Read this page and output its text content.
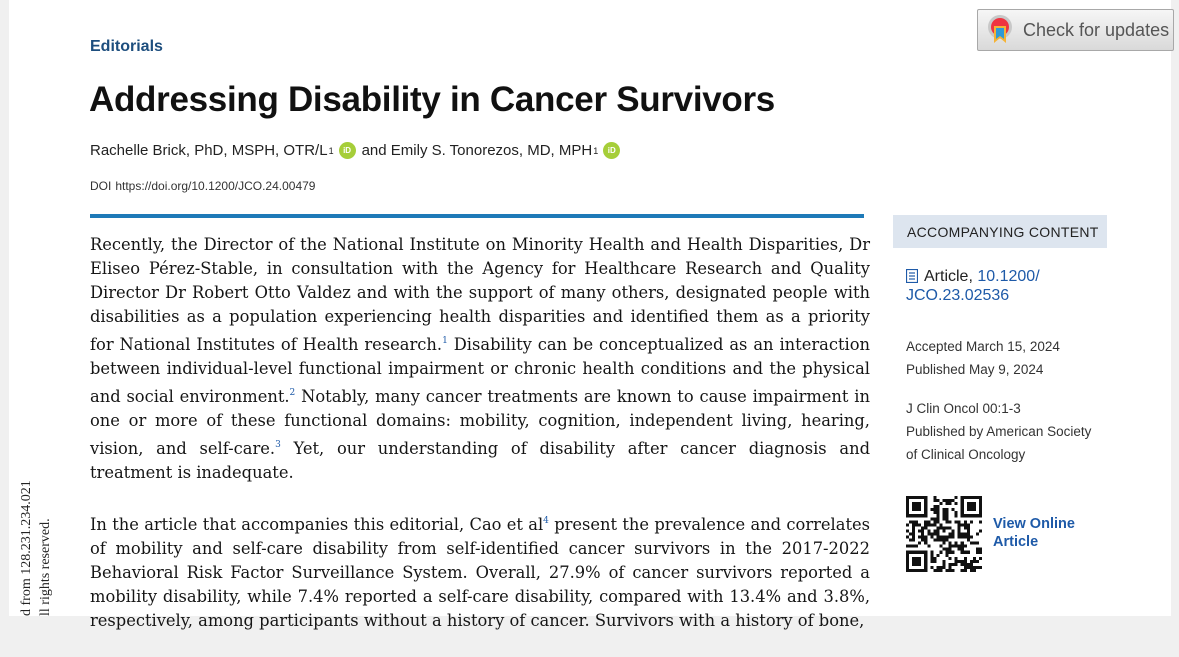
d from 128.231.234.021 ll rights reserved.
Editorials
Addressing Disability in Cancer Survivors
Rachelle Brick, PhD, MSPH, OTR/L 1	iD and
Emily S. Tonorezos, MD, MPH 1	iD
DOI https://doi.org/10.1200/JCO.24.00479

Recently, the Director of the National Institute on Minority Health and Health Disparities, Dr Eliseo Pérez-Stable, in consultation with the Agency for Healthcare Research and Quality Director Dr Robert Otto Valdez and with the support of many others, designated people with disabilities as a population experiencing health disparities and identified them as a priority for National Institutes of Health research.$^1$ Disability can be conceptualized as an interaction between individual-level functional impairment or chronic health conditions and the physical and social environment.$^2$ Notably, many cancer treatments are known to cause impairment in one or more of these functional domains: mobility, cognition, independent living, hearing, vision, and self-care.$^3$ Yet, our understanding of disability after cancer diagnosis and treatment is inadequate.

In the article that accompanies this editorial, Cao et al$^4$ present the prevalence and correlates of mobility and self-care disability from self-identified cancer survivors in the 2017-2022 Behavioral Risk Factor Surveillance System. Overall, 27.9% of cancer survivors reported a mobility disability, while 7.4% reported a self-care disability, compared with 13.4% and 3.8%, respectively, among participants without a history of cancer. Survivors with a history of bone,

Check for updates
ACCOMPANYING CONTENT
Article, 10.1200/
JCO.23.02536
Accepted March 15, 2024
Published May 9, 2024
J Clin Oncol 00:1-3
Published by American Society
of Clinical Oncology
View Online
Article
